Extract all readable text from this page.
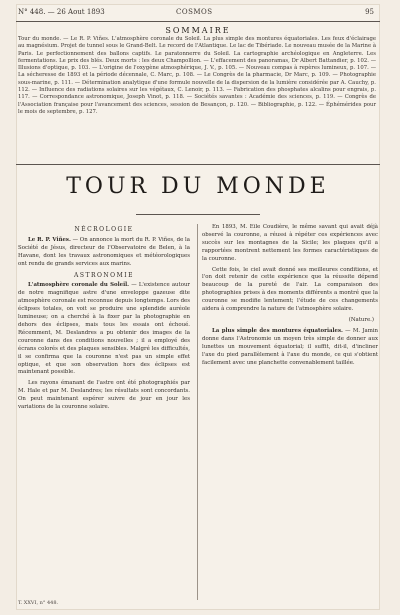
N° 448. — 26 Aout 1893	COSMOS	95
SOMMAIRE

Tour du monde. — Le R. P. Viñes. L'atmosphère coronale du Soleil. La plus simple des montures équatoriales. Les feux d'éclairage au magnésium. Projet de tunnel sous le Grand-Belt. Le record de l'Atlantique. Le lac de Tibériade. Le nouveau musée de la Marine à Paris. Le perfectionnement des ballons captifs. Le paratonnerre du Soleil. La cartographie archéologique en Angleterre. Les fermentations. Le prix des blés. Deux morts : les deux Champollion. — L'effacement des panoramas, Dr Albert Battandier, p. 102. — Illusions d'optique, p. 103. — L'origine de l'oxygène atmosphérique, J. V., p. 105. — Nouveau compas à repères lumineux, p. 107. — La sécheresse de 1893 et la période décennale, C. Marc, p. 108. — Le Congrès de la pharmacie, Dr Marc, p. 109. — Photographie sous-marine, p. 111. — Détermination analytique d'une formule nouvelle de la dispersion de la lumière considérée par A. Cauchy, p. 112. — Influence des radiations solaires sur les végétaux, C. Lenoir, p. 113. — Fabrication des phosphates alcalins pour engrais, p. 117. — Correspondance astronomique, Joseph Vinot, p. 118. — Sociétés savantes : Académie des sciences, p. 119. — Congrès de l'Association française pour l'avancement des sciences, session de Besançon, p. 120. — Bibliographie, p. 122. — Éphémérides pour le mois de septembre, p. 127.

TOUR DU MONDE
NÉCROLOGIE

Le R. P. Viñes. — On annonce la mort du R. P. Viñes, de la Société de Jésus, directeur de l'Observatoire de Belen, à la Havane, dont les travaux astronomiques et météorologiques ont rendu de grands services aux marins.

ASTRONOMIE

L'atmosphère coronale du Soleil. — L'existence autour de notre magnifique astre d'une enveloppe gazeuse dite atmosphère coronale est reconnue depuis longtemps. Lors des éclipses totales, on voit se produire une splendide auréole lumineuse; on a cherché à la fixer par la photographie en dehors des éclipses, mais tous les essais ont échoué. Récemment, M. Deslandres a pu obtenir des images de la couronne dans des conditions nouvelles ; il a employé des écrans colorés et des plaques sensibles. Malgré les difficultés, il se confirma que la couronne n'est pas un simple effet optique, et que son observation hors des éclipses est maintenant possible.

Les rayons émanant de l'astre ont été photographiés par M. Hale et par M. Deslandres; les résultats sont concordants. On peut maintenant espérer suivre de jour en jour les variations de la couronne solaire.

En 1893, M. Eile Coudière, le même savant qui avait déjà observé la couronne, a réussi à répéter ces expériences avec succès sur les montagnes de la Sicile; les plaques qu'il a rapportées montrent nettement les formes caractéristiques de la couronne.

Cette fois, le ciel avait donné ses meilleures conditions, et l'on doit retenir de cette expérience que la réussite dépend beaucoup de la pureté de l'air. La comparaison des photographies prises à des moments différents a montré que la couronne se modifie lentement; l'étude de ces changements aidera à comprendre la nature de l'atmosphère solaire.

(Nature.)

La plus simple des montures équatoriales. — M. Jamin donne dans l'Astronomie un moyen très simple de donner aux lunettes un mouvement équatorial; il suffit, dit-il, d'incliner l'axe du pied parallèlement à l'axe du monde, ce qui s'obtient facilement avec une planchette convenablement taillée.

T. XXVI, n° 448.
